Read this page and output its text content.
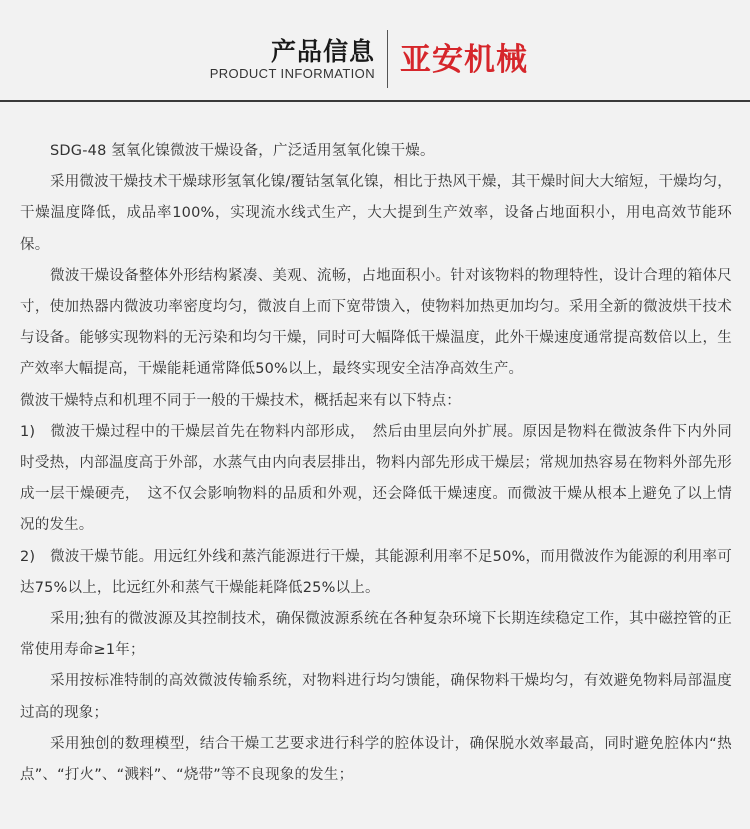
产品信息
PRODUCT INFORMATION 亚安机械

SDG-48 氢氧化镍微波干燥设备，广泛适用氢氧化镍干燥。

采用微波干燥技术干燥球形氢氧化镍/覆钴氢氧化镍，相比于热风干燥，其干燥时间大大缩短，干燥均匀，干燥温度降低，成品率100%，实现流水线式生产，大大提到生产效率，设备占地面积小，用电高效节能环保。

微波干燥设备整体外形结构紧凑、美观、流畅，占地面积小。针对该物料的物理特性，设计合理的箱体尺寸，使加热器内微波功率密度均匀，微波自上而下宽带馈入，使物料加热更加均匀。采用全新的微波烘干技术与设备。能够实现物料的无污染和均匀干燥，同时可大幅降低干燥温度，此外干燥速度通常提高数倍以上，生产效率大幅提高，干燥能耗通常降低50%以上，最终实现安全洁净高效生产。

微波干燥特点和机理不同于一般的干燥技术，概括起来有以下特点：

1)　微波干燥过程中的干燥层首先在物料内部形成，　然后由里层向外扩展。原因是物料在微波条件下内外同时受热，内部温度高于外部，水蒸气由内向表层排出，物料内部先形成干燥层；常规加热容易在物料外部先形成一层干燥硬壳，　这不仅会影响物料的品质和外观，还会降低干燥速度。而微波干燥从根本上避免了以上情况的发生。

2)　微波干燥节能。用远红外线和蒸汽能源进行干燥，其能源利用率不足50%，而用微波作为能源的利用率可达75%以上，比远红外和蒸气干燥能耗降低25%以上。

采用;独有的微波源及其控制技术，确保微波源系统在各种复杂环境下长期连续稳定工作，其中磁控管的正常使用寿命≥1年；

采用按标准特制的高效微波传输系统，对物料进行均匀馈能，确保物料干燥均匀，有效避免物料局部温度过高的现象；

采用独创的数理模型，结合干燥工艺要求进行科学的腔体设计，确保脱水效率最高，同时避免腔体内“热点”、“打火”、“溅料”、“烧带”等不良现象的发生；
